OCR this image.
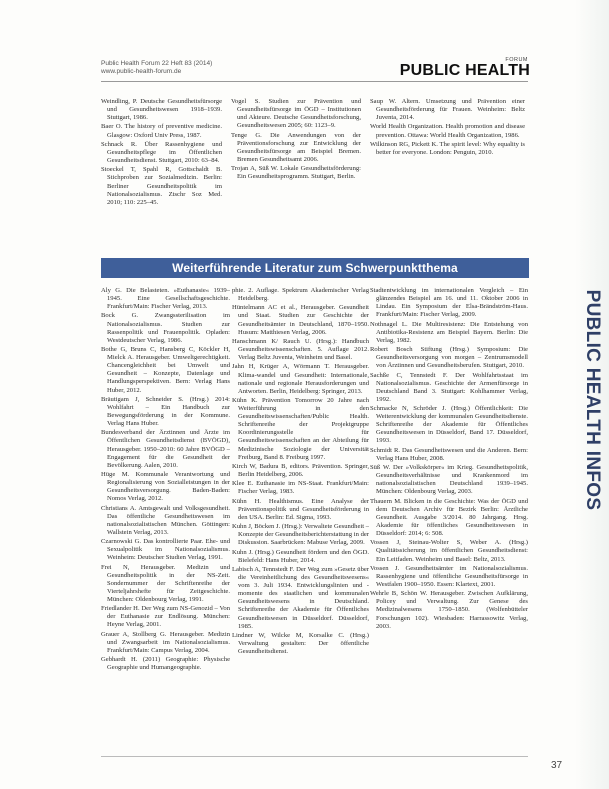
Public Health Forum 22 Heft 83 (2014)
www.public-health-forum.de
FORUM
PUBLIC HEALTH

Weindling, P. Deutsche Gesundheitsfürsorge und Gesundheitswesen 1918–1939. Stuttgart, 1986.

Baer O. The history of preventive medicine. Glasgow: Oxford Univ Press, 1987.

Schnack R. Über Rassenhygiene und Gesundheitspflege im Öffentlichen Gesundheitsdienst. Stuttgart, 2010: 63–84.

Stoeckel T, Spahl R, Gottschaldt B. Stichproben zur Sozialmedizin. Berlin: Berliner Gesundheitspolitik im Nationalsozialismus. Ztschr Soz Med. 2010; 110: 225–45.

Vogel S. Studien zur Prävention und Gesundheitsfürsorge im ÖGD – Institutionen und Akteure. Deutsche Gesundheitsforschung, Gesundheitswesen 2005; 60: 1123–9.

Tenge G. Die Anwendungen von der Präventionsforschung zur Entwicklung der Gesundheitsfürsorge am Beispiel Bremen. Bremen Gesundheitsamt 2006.

Trojan A, Süß W. Lokale Gesundheitsförderung: Ein Gesundheitsprogramm. Stuttgart, Berlin.

Saup W. Altern. Umsetzung und Prävention einer Gesundheitsförderung für Frauen. Weinheim: Beltz Juventa, 2014.

World Health Organization. Health promotion and disease prevention. Ottawa: World Health Organization, 1986.

Wilkinson RG, Pickett K. The spirit level: Why equality is better for everyone. London: Penguin, 2010.

Weiterführende Literatur zum Schwerpunktthema

Aly G. Die Belasteten. »Euthanasie« 1939–1945. Eine Gesellschaftsgeschichte. Frankfurt/Main: Fischer Verlag, 2013.

Bock G. Zwangssterilisation im Nationalsozialismus. Studien zur Rassenpolitik und Frauenpolitik. Opladen: Westdeutscher Verlag, 1986.

Bothe G, Bruns C, Hansberg C, Köckler H, Mielck A. Herausgeber. Umweltgerechtigkeit. Chancengleichheit bei Umwelt und Gesundheit – Konzepte, Datenlage und Handlungsperspektiven. Bern: Verlag Hans Huber, 2012.

Bräutigam J, Schneider S. (Hrsg.) 2014: Wohlfahrt – Ein Handbuch zur Bewegungsförderung in der Kommune. Verlag Hans Huber.

Bundesverband der Ärztinnen und Ärzte im Öffentlichen Gesundheitsdienst (BVÖGD), Herausgeber. 1950–2010: 60 Jahre BVÖGD – Engagement für die Gesundheit der Bevölkerung. Aalen, 2010.

Hüge M. Kommunale Verantwortung und Regionalisierung von Sozialleistungen in der Gesundheitsversorgung. Baden-Baden: Nomos Verlag, 2012.

Christians A. Amtsgewalt und Volksgesundheit. Das öffentliche Gesundheitswesen im nationalsozialistischen München. Göttingen: Wallstein Verlag, 2013.

Czarnowski G. Das kontrollierte Paar. Ehe- und Sexualpolitik im Nationalsozialismus. Weinheim: Deutscher Studien Verlag, 1991.

Frei N, Herausgeber. Medizin und Gesundheitspolitik in der NS-Zeit. Sondernummer der Schriftenreihe der Vierteljahrshefte für Zeitgeschichte. München: Oldenbourg Verlag, 1991.

Friedlander H. Der Weg zum NS-Genozid – Von der Euthanasie zur Endlösung. München: Heyne Verlag, 2001.

Grauer A, Stollberg G. Herausgeber. Medizin und Zwangsarbeit im Nationalsozialismus. Frankfurt/Main: Campus Verlag, 2004.

Gebhardt H. (2011) Geographie: Physische Geographie und Humangeographie.

phie. 2. Auflage. Spektrum Akademischer Verlag Heidelberg.

Hüntelmann AC et al., Herausgeber. Gesundheit und Staat. Studien zur Geschichte der Gesundheitsämter in Deutschland, 1870–1950. Husum: Matthiesen Verlag, 2006.

Hanschmann K/ Rauch U. (Hrsg.): Handbuch Gesundheitswissenschaften. 5. Auflage 2012. Verlag Beltz Juventa, Weinheim und Basel.

Jahn H, Krüger A, Wörmann T. Herausgeber. Klima-wandel und Gesundheit: Internationale, nationale und regionale Herausforderungen und Antworten. Berlin, Heidelberg: Springer, 2013.

Kühn K. Prävention Tomorrow 20 Jahre nach Weiterführung in den Gesundheitswissenschaften/Public Health. Schriftenreihe der Projektgruppe Koordinierungsstelle für Gesundheitswissenschaften an der Abteilung für Medizinische Soziologie der Universität Freiburg, Band 8. Freiburg 1997.

Kirch W, Badura B, editors. Prävention. Springer, Berlin Heidelberg, 2006.

Klee E. Euthanasie im NS-Staat. Frankfurt/Main: Fischer Verlag, 1983.

Kühn H. Healthismus. Eine Analyse der Präventionspolitik und Gesundheitsförderung in den USA. Berlin: Ed. Sigma, 1993.

Kuhn J, Böcken J. (Hrsg.): Verwaltete Gesundheit – Konzepte der Gesundheitsberichterstattung in der Diskussion. Saarbrücken: Mabuse Verlag, 2009.

Kuhn J. (Hrsg.) Gesundheit fördern und den ÖGD. Bielefeld: Hans Huber, 2014.

Labisch A, Tennstedt F. Der Weg zum »Gesetz über die Vereinheitlichung des Gesundheitswesens« vom 3. Juli 1934. Entwicklungslinien und -momente des staatlichen und kommunalen Gesundheitswesens in Deutschland. Schriftenreihe der Akademie für Öffentliches Gesundheitswesen in Düsseldorf. Düsseldorf, 1985.

Lindner W, Wilcke M, Korsalke C. (Hrsg.) Verwaltung gestalten: Der öffentliche Gesundheitsdienst.

Stadtentwicklung im internationalen Vergleich – Ein glänzendes Beispiel am 16. und 11. Oktober 2006 in Lindau. Ein Symposium der Elsa-Brändström-Haus. Frankfurt/Main: Fischer Verlag, 2009.

Nothnagel L. Die Multiresistenz: Die Entstehung von Antibiotika-Resistenz am Beispiel Bayern. Berlin: Die Verlag, 1982.

Robert Bosch Stiftung (Hrsg.) Symposium: Die Gesundheitsversorgung von morgen – Zentrumsmodell von Ärztinnen und Gesundheitsberufen. Stuttgart, 2010.

Sachße C, Tennstedt F. Der Wohlfahrtsstaat im Nationalsozialismus. Geschichte der Armenfürsorge in Deutschland Band 3. Stuttgart: Kohlhammer Verlag, 1992.

Schmacke N, Schröder J. (Hrsg.) Öffentlichkeit: Die Weiterentwicklung der kommunalen Gesundheitsdienste. Schriftenreihe der Akademie für Öffentliches Gesundheitswesen in Düsseldorf, Band 17. Düsseldorf, 1993.

Schmidt R. Das Gesundheitswesen und die Anderen. Bern: Verlag Hans Huber, 2008.

Süß W. Der »Volkskörper« im Krieg. Gesundheitspolitik, Gesundheitsverhältnisse und Krankenmord im nationalsozialistischen Deutschland 1939–1945. München: Oldenbourg Verlag, 2003.

Thauern M. Blicken in die Geschichte: Was der ÖGD und dem Deutschen Archiv für Bezirk Berlin: Ärztliche Gesundheit. Ausgabe 3/2014. 80 Jahrgang. Hrsg. Akademie für öffentliches Gesundheitswesen in Düsseldorf: 2014; 6: 508.

Vossen J, Steinau-Wolter S, Weber A. (Hrsg.) Qualitätssicherung im öffentlichen Gesundheitsdienst: Ein Leitfaden. Weinheim und Basel: Beltz, 2013.

Vossen J. Gesundheitsämter im Nationalsozialismus. Rassenhygiene und öffentliche Gesundheitsfürsorge in Westfalen 1900–1950. Essen: Klartext, 2001.

Wehrle B, Schön W. Herausgeber. Zwischen Aufklärung, Policey und Verwaltung. Zur Genese des Medizinalwesens 1750–1850. (Wolfenbütteler Forschungen 102). Wiesbaden: Harrassowitz Verlag, 2003.

37
PUBLIC HEALTH INFOS
